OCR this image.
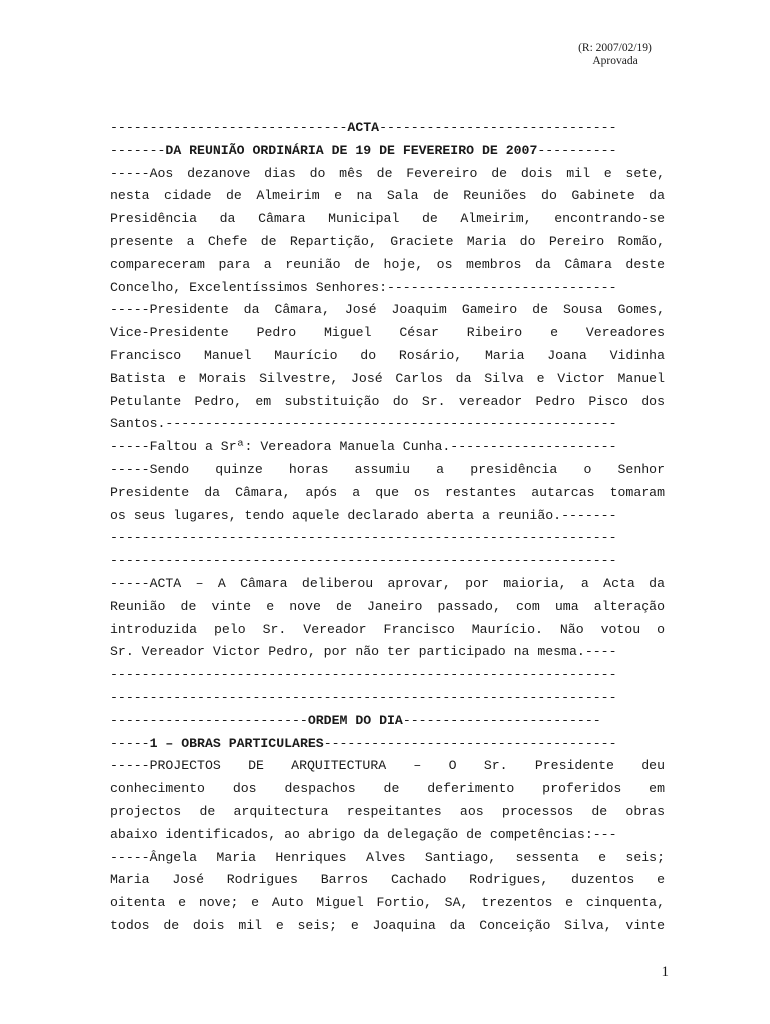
(R: 2007/02/19)
Aprovada
------------------------------ACTA------------------------------
-------DA REUNIÃO ORDINÁRIA DE 19 DE FEVEREIRO DE 2007----------
-----Aos dezanove dias do mês de Fevereiro de dois mil e sete,
nesta cidade de Almeirim e na Sala de Reuniões do Gabinete da
Presidência da Câmara Municipal de Almeirim, encontrando-se
presente a Chefe de Repartição, Graciete Maria do Pereiro Romão,
compareceram para a reunião de hoje, os membros da Câmara deste
Concelho, Excelentíssimos Senhores:-----------------------------
-----Presidente da Câmara, José Joaquim Gameiro de Sousa Gomes,
Vice-Presidente Pedro Miguel César Ribeiro e Vereadores
Francisco Manuel Maurício do Rosário, Maria Joana Vidinha
Batista e Morais Silvestre, José Carlos da Silva e Victor Manuel
Petulante Pedro, em substituição do Sr. vereador Pedro Pisco dos
Santos.---------------------------------------------------------
-----Faltou a Srª: Vereadora Manuela Cunha.---------------------
-----Sendo quinze horas assumiu a presidência o Senhor
Presidente da Câmara, após a que os restantes autarcas tomaram
os seus lugares, tendo aquele declarado aberta a reunião.-------
----------------------------------------------------------------
----------------------------------------------------------------
-----ACTA – A Câmara deliberou aprovar, por maioria, a Acta da
Reunião de vinte e nove de Janeiro passado, com uma alteração
introduzida pelo Sr. Vereador Francisco Maurício. Não votou o
Sr. Vereador Victor Pedro, por não ter participado na mesma.----
----------------------------------------------------------------
----------------------------------------------------------------
-------------------------ORDEM DO DIA-------------------------
-----1 – OBRAS PARTICULARES-------------------------------------
-----PROJECTOS DE ARQUITECTURA – O Sr. Presidente deu
conhecimento dos despachos de deferimento proferidos em
projectos de arquitectura respeitantes aos processos de obras
abaixo identificados, ao abrigo da delegação de competências:---
-----Ângela Maria Henriques Alves Santiago, sessenta e seis;
Maria José Rodrigues Barros Cachado Rodrigues, duzentos e
oitenta e nove; e Auto Miguel Fortio, SA, trezentos e cinquenta,
todos de dois mil e seis; e Joaquina da Conceição Silva, vinte
1
